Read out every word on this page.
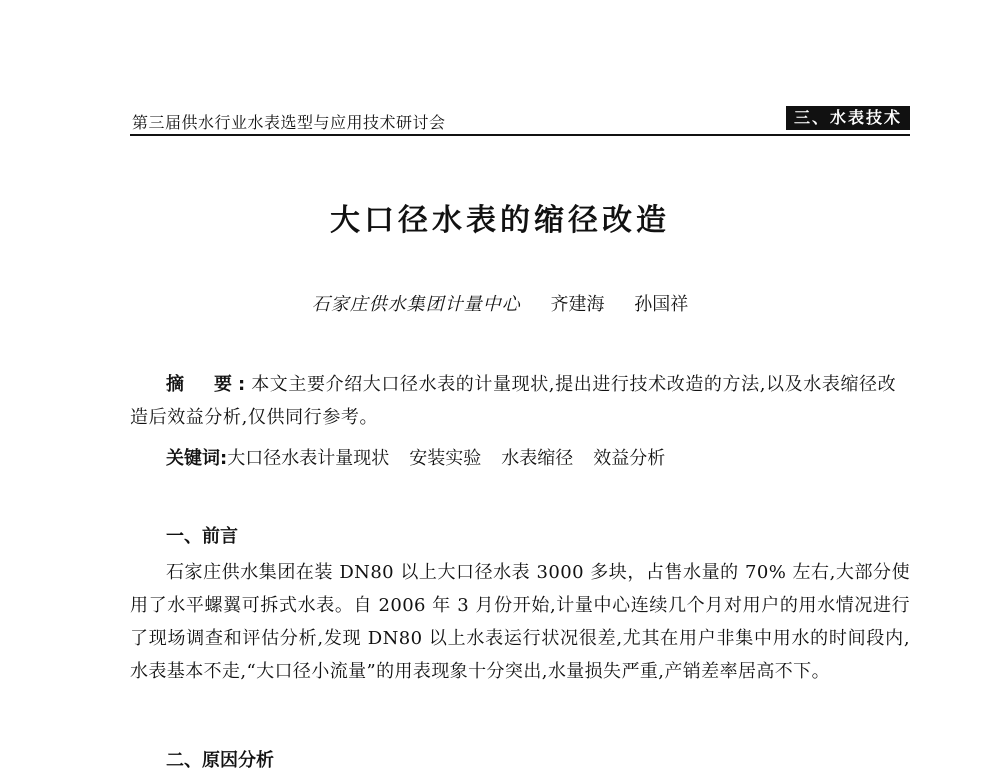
第三届供水行业水表选型与应用技术研讨会	三、水表技术
大口径水表的缩径改造
石家庄供水集团计量中心 齐建海 孙国祥

摘　要:本文主要介绍大口径水表的计量现状,提出进行技术改造的方法,以及水表缩径改造后效益分析,仅供同行参考。

关键词:大口径水表计量现状 安装实验 水表缩径 效益分析

一、前言

石家庄供水集团在装 DN80 以上大口径水表 3000 多块，占售水量的 70% 左右,大部分使用了水平螺翼可拆式水表。自 2006 年 3 月份开始,计量中心连续几个月对用户的用水情况进行了现场调查和评估分析,发现 DN80 以上水表运行状况很差,尤其在用户非集中用水的时间段内,水表基本不走,“大口径小流量”的用表现象十分突出,水量损失严重,产销差率居高不下。

二、原因分析
